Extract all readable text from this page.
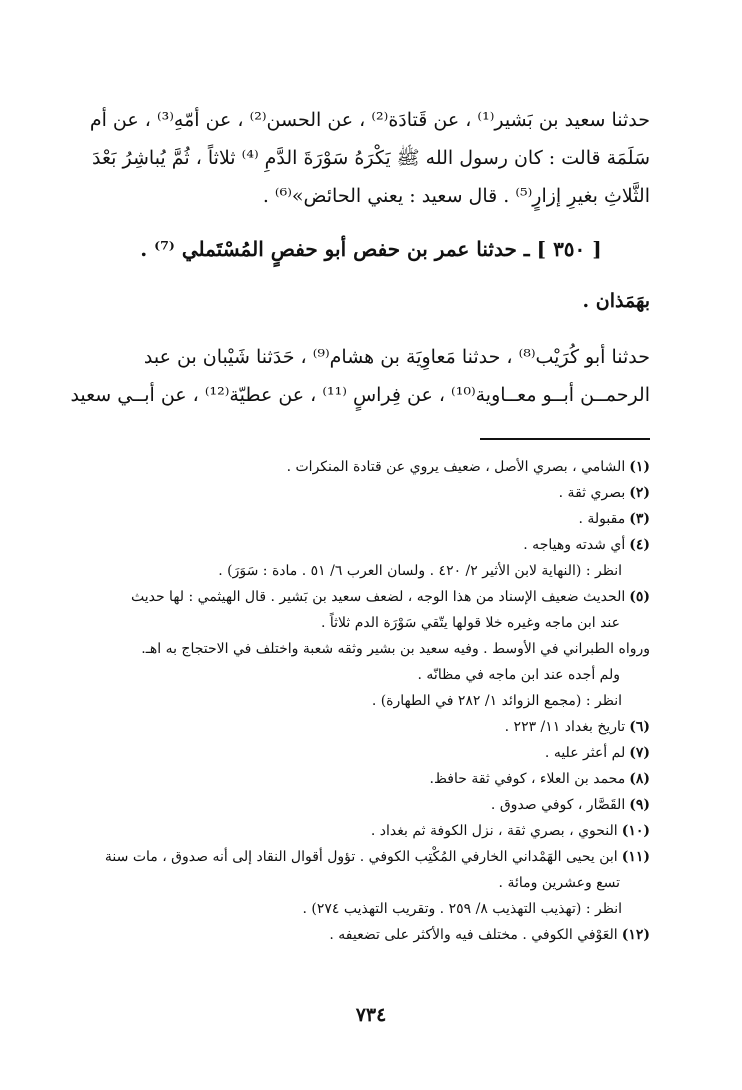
حدثنا سعيد بن بَشير⁽¹⁾ ، عن قَتادَة⁽²⁾ ، عن الحسن⁽²⁾ ، عن أمّهِ⁽³⁾ ، عن أم
سَلَمَة قالت : كان رسول الله ﷺ يَكْرَهُ سَوْرَةَ الدَّمِ ⁽⁴⁾ ثلاثاً ، ثُمَّ يُباشِرُ بَعْدَ
الثَّلاثِ بغيرِ إزارٍ⁽⁵⁾ . قال سعيد : يعني الحائض»⁽⁶⁾ .
[ ٣٥٠ ] ـ حدثنا عمر بن حفص أبو حفصٍ المُسْتَملي ⁽⁷⁾ .
بهَمَذان .
حدثنا أبو كُرَيْب⁽⁸⁾ ، حدثنا مَعاوِيَة بن هشام⁽⁹⁾ ، حَدَثنا شَيْبان بن عبد
الرحمــن أبــو معــاوية⁽¹⁰⁾ ، عن فِراسٍ ⁽¹¹⁾ ، عن عطيّة⁽¹²⁾ ، عن أبــي سعيد
(١)الشامي ، بصري الأصل ، ضعيف يروي عن قتادة المنكرات .
(٢)بصري ثقة .
(٣)مقبولة .
(٤)أي شدته وهياجه .
انظر : (النهاية لابن الأثير ٢/ ٤٢٠ . ولسان العرب ٦/ ٥١ . مادة : سَوَرَ) .
(٥)الحديث ضعيف الإسناد من هذا الوجه ، لضعف سعيد بن بَشير . قال الهيثمي : لها حديث
عند ابن ماجه وغيره خلا قولها يتّقي سَوْرَة الدم ثلاثاً .
ورواه الطبراني في الأوسط . وفيه سعيد بن بشير وثقه شعبة واختلف في الاحتجاج به اهـ.
ولم أجده عند ابن ماجه في مظانّه .
انظر : (مجمع الزوائد ١/ ٢٨٢ في الطهارة) .
(٦)تاريخ بغداد ١١/ ٢٢٣ .
(٧)لم أعثر عليه .
(٨)محمد بن العلاء ، كوفي ثقة حافظ.
(٩)القَصَّار ، كوفي صدوق .
(١٠)النحوي ، بصري ثقة ، نزل الكوفة ثم بغداد .
(١١)ابن يحيى الهَمْداني الخارفي المُكْتِب الكوفي . تؤول أقوال النقاد إلى أنه صدوق ، مات سنة
تسع وعشرين ومائة .
انظر : (تهذيب التهذيب ٨/ ٢٥٩ . وتقريب التهذيب ٢٧٤) .
(١٢)العَوْفي الكوفي . مختلف فيه والأكثر على تضعيفه .
٧٣٤
